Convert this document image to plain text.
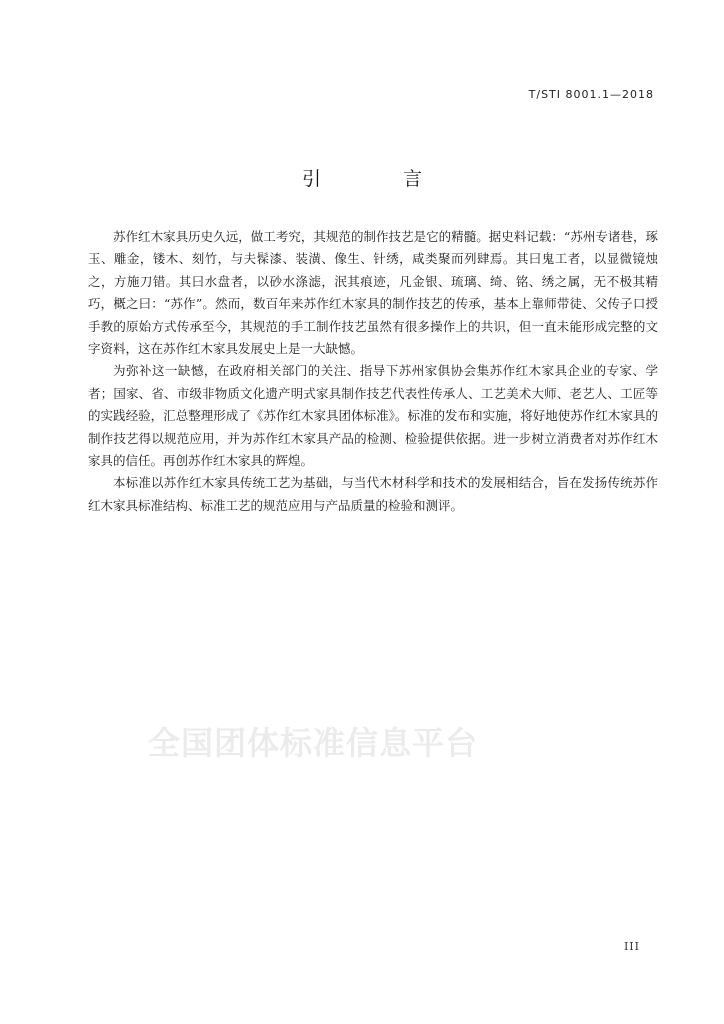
T/STI 8001.1—2018
引 言

苏作红木家具历史久远，做工考究，其规范的制作技艺是它的精髓。据史料记载：“苏州专诸巷，琢玉、雕金，镂木、刻竹，与夫髹漆、装潢、像生、针绣，咸类聚而列肆焉。其曰鬼工者，以显微镜烛之，方施刀错。其曰水盘者，以砂水涤滤，泯其痕迹，凡金银、琉璃、绮、铭、绣之属，无不极其精巧，概之曰：“苏作”。然而，数百年来苏作红木家具的制作技艺的传承，基本上靠师带徒、父传子口授手教的原始方式传承至今，其规范的手工制作技艺虽然有很多操作上的共识，但一直未能形成完整的文字资料，这在苏作红木家具发展史上是一大缺憾。

为弥补这一缺憾，在政府相关部门的关注、指导下苏州家俱协会集苏作红木家具企业的专家、学者；国家、省、市级非物质文化遗产明式家具制作技艺代表性传承人、工艺美术大师、老艺人、工匠等的实践经验，汇总整理形成了《苏作红木家具团体标准》。标准的发布和实施，将好地使苏作红木家具的制作技艺得以规范应用，并为苏作红木家具产品的检测、检验提供依据。进一步树立消费者对苏作红木家具的信任。再创苏作红木家具的辉煌。

本标准以苏作红木家具传统工艺为基础，与当代木材科学和技术的发展相结合，旨在发扬传统苏作红木家具标准结构、标准工艺的规范应用与产品质量的检验和测评。

全国团体标准信息平台
III
